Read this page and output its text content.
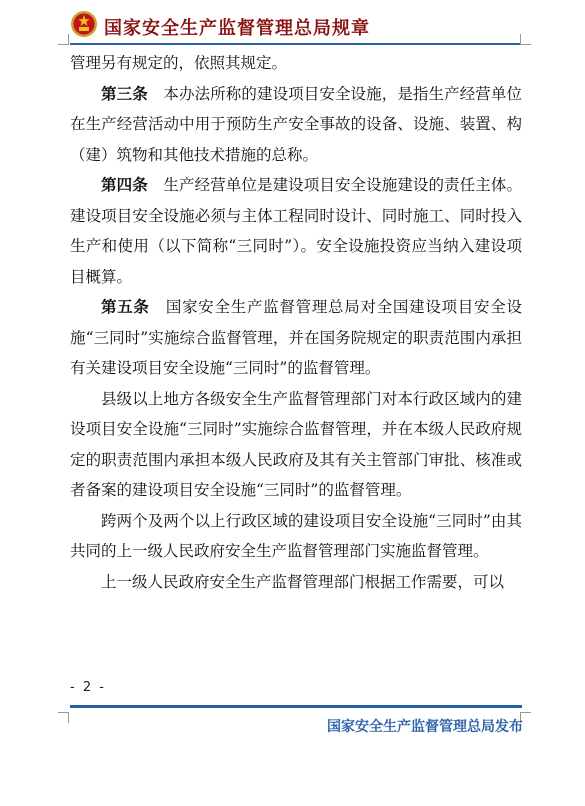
国家安全生产监督管理总局规章

管理另有规定的，依照其规定。

第三条　 本办法所称的建设项目安全设施，是指生产经营单位在生产经营活动中用于预防生产安全事故的设备、设施、装置、构（建）筑物和其他技术措施的总称。

第四条　 生产经营单位是建设项目安全设施建设的责任主体。建设项目安全设施必须与主体工程同时设计、同时施工、同时投入生产和使用（以下简称“三同时”）。安全设施投资应当纳入建设项目概算。

第五条　 国家安全生产监督管理总局对全国建设项目安全设施“三同时”实施综合监督管理，并在国务院规定的职责范围内承担有关建设项目安全设施“三同时”的监督管理。

县级以上地方各级安全生产监督管理部门对本行政区域内的建设项目安全设施“三同时”实施综合监督管理，并在本级人民政府规定的职责范围内承担本级人民政府及其有关主管部门审批、核准或者备案的建设项目安全设施“三同时”的监督管理。

跨两个及两个以上行政区域的建设项目安全设施“三同时”由其共同的上一级人民政府安全生产监督管理部门实施监督管理。

上一级人民政府安全生产监督管理部门根据工作需要，可以

- 2 -
国家安全生产监督管理总局发布
